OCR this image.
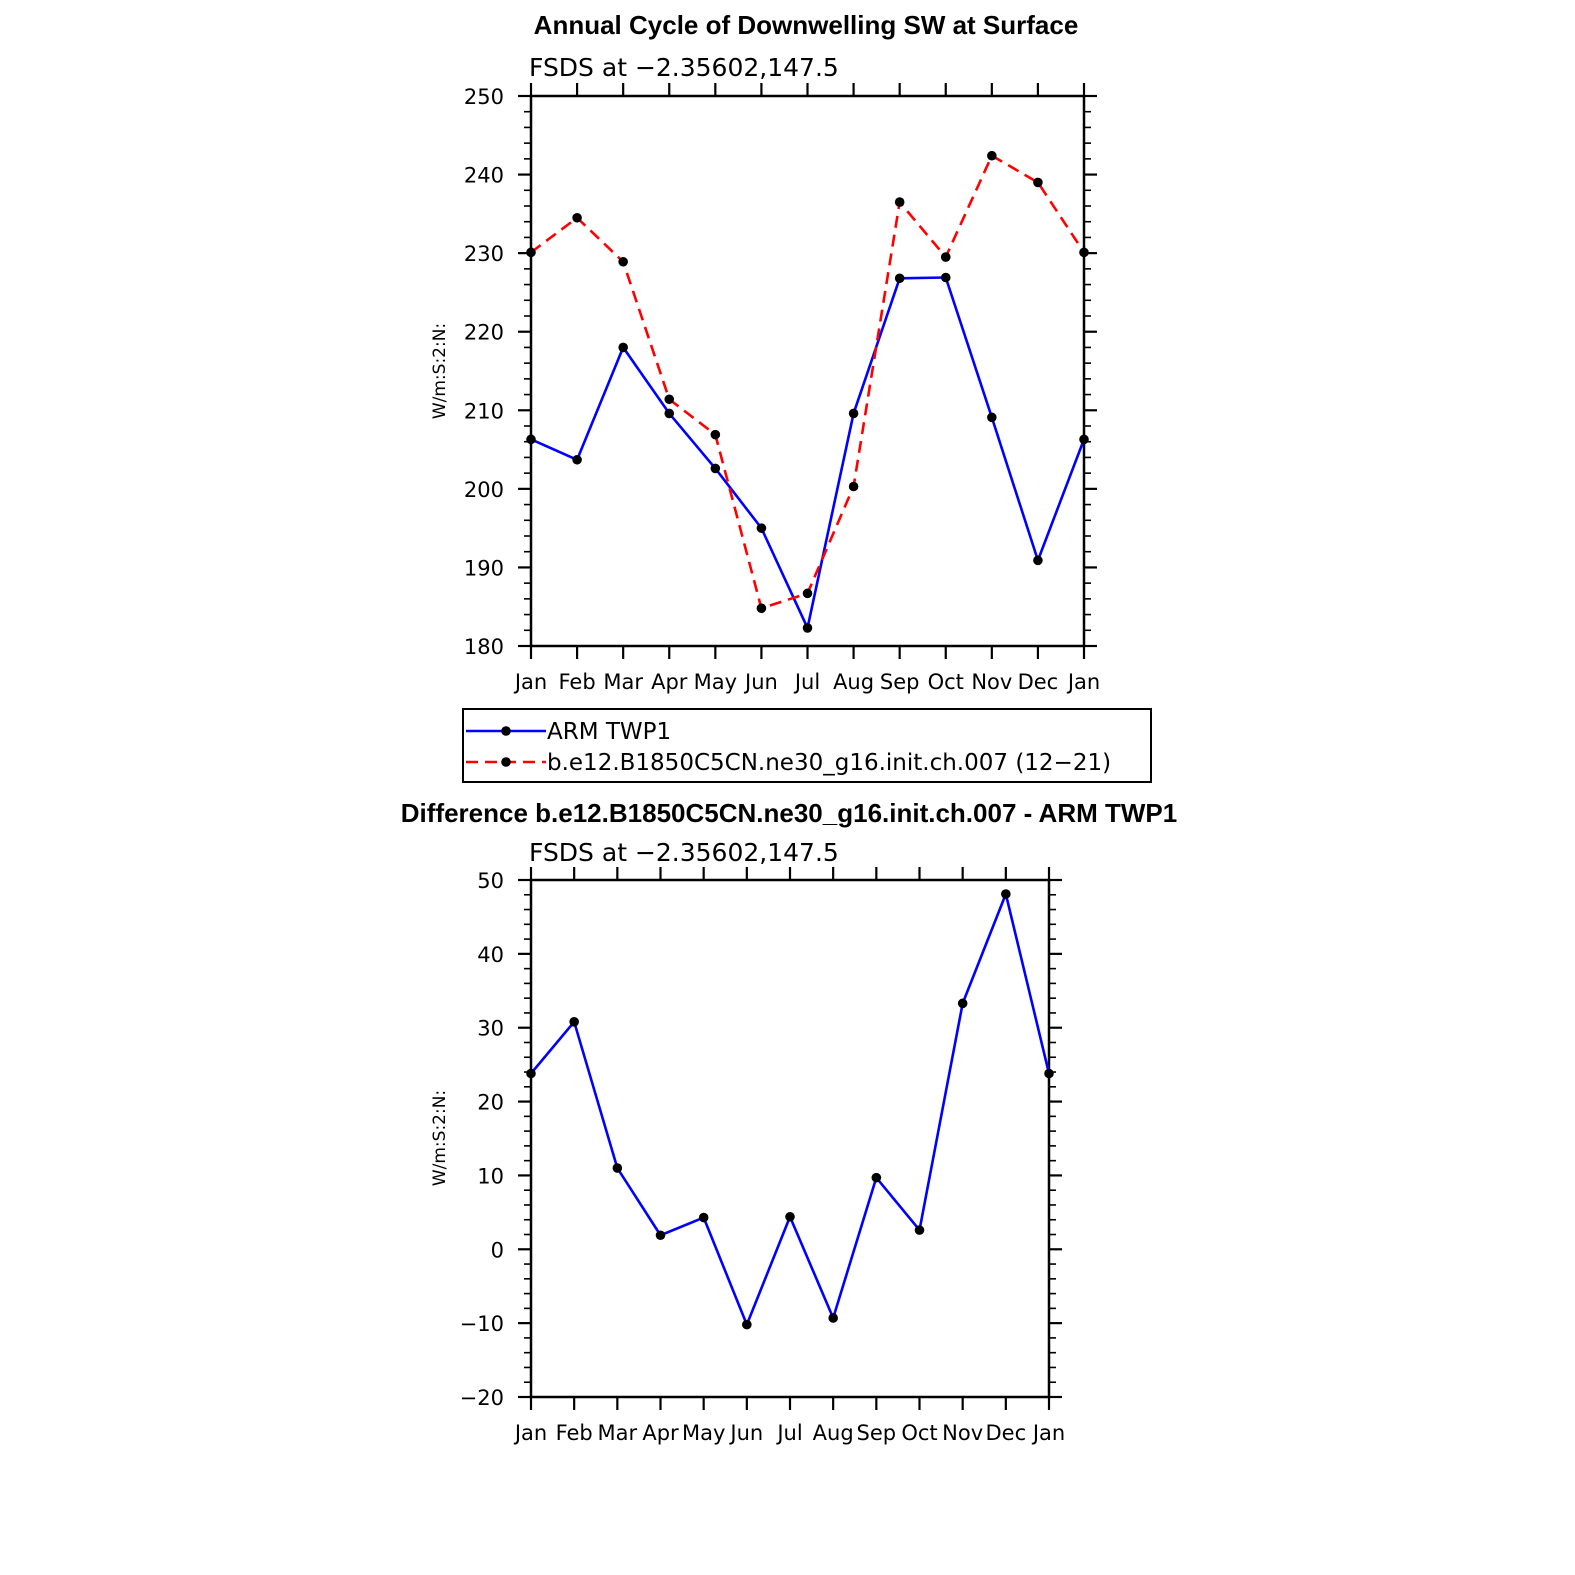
Annual Cycle of Downwelling SW at Surface
FSDS at −2.35602,147.5
W/m:S:2:N:
180
190
200
210
220
230
240
250
Jan Feb Mar Apr May Jun Jul Aug Sep Oct Nov Dec Jan
ARM TWP1
b.e12.B1850C5CN.ne30_g16.init.ch.007 (12−21)
Difference b.e12.B1850C5CN.ne30_g16.init.ch.007 - ARM TWP1
FSDS at −2.35602,147.5
W/m:S:2:N:
−20
−10
0
10
20
30
40
50
Jan Feb Mar Apr May Jun Jul Aug Sep Oct Nov Dec Jan
